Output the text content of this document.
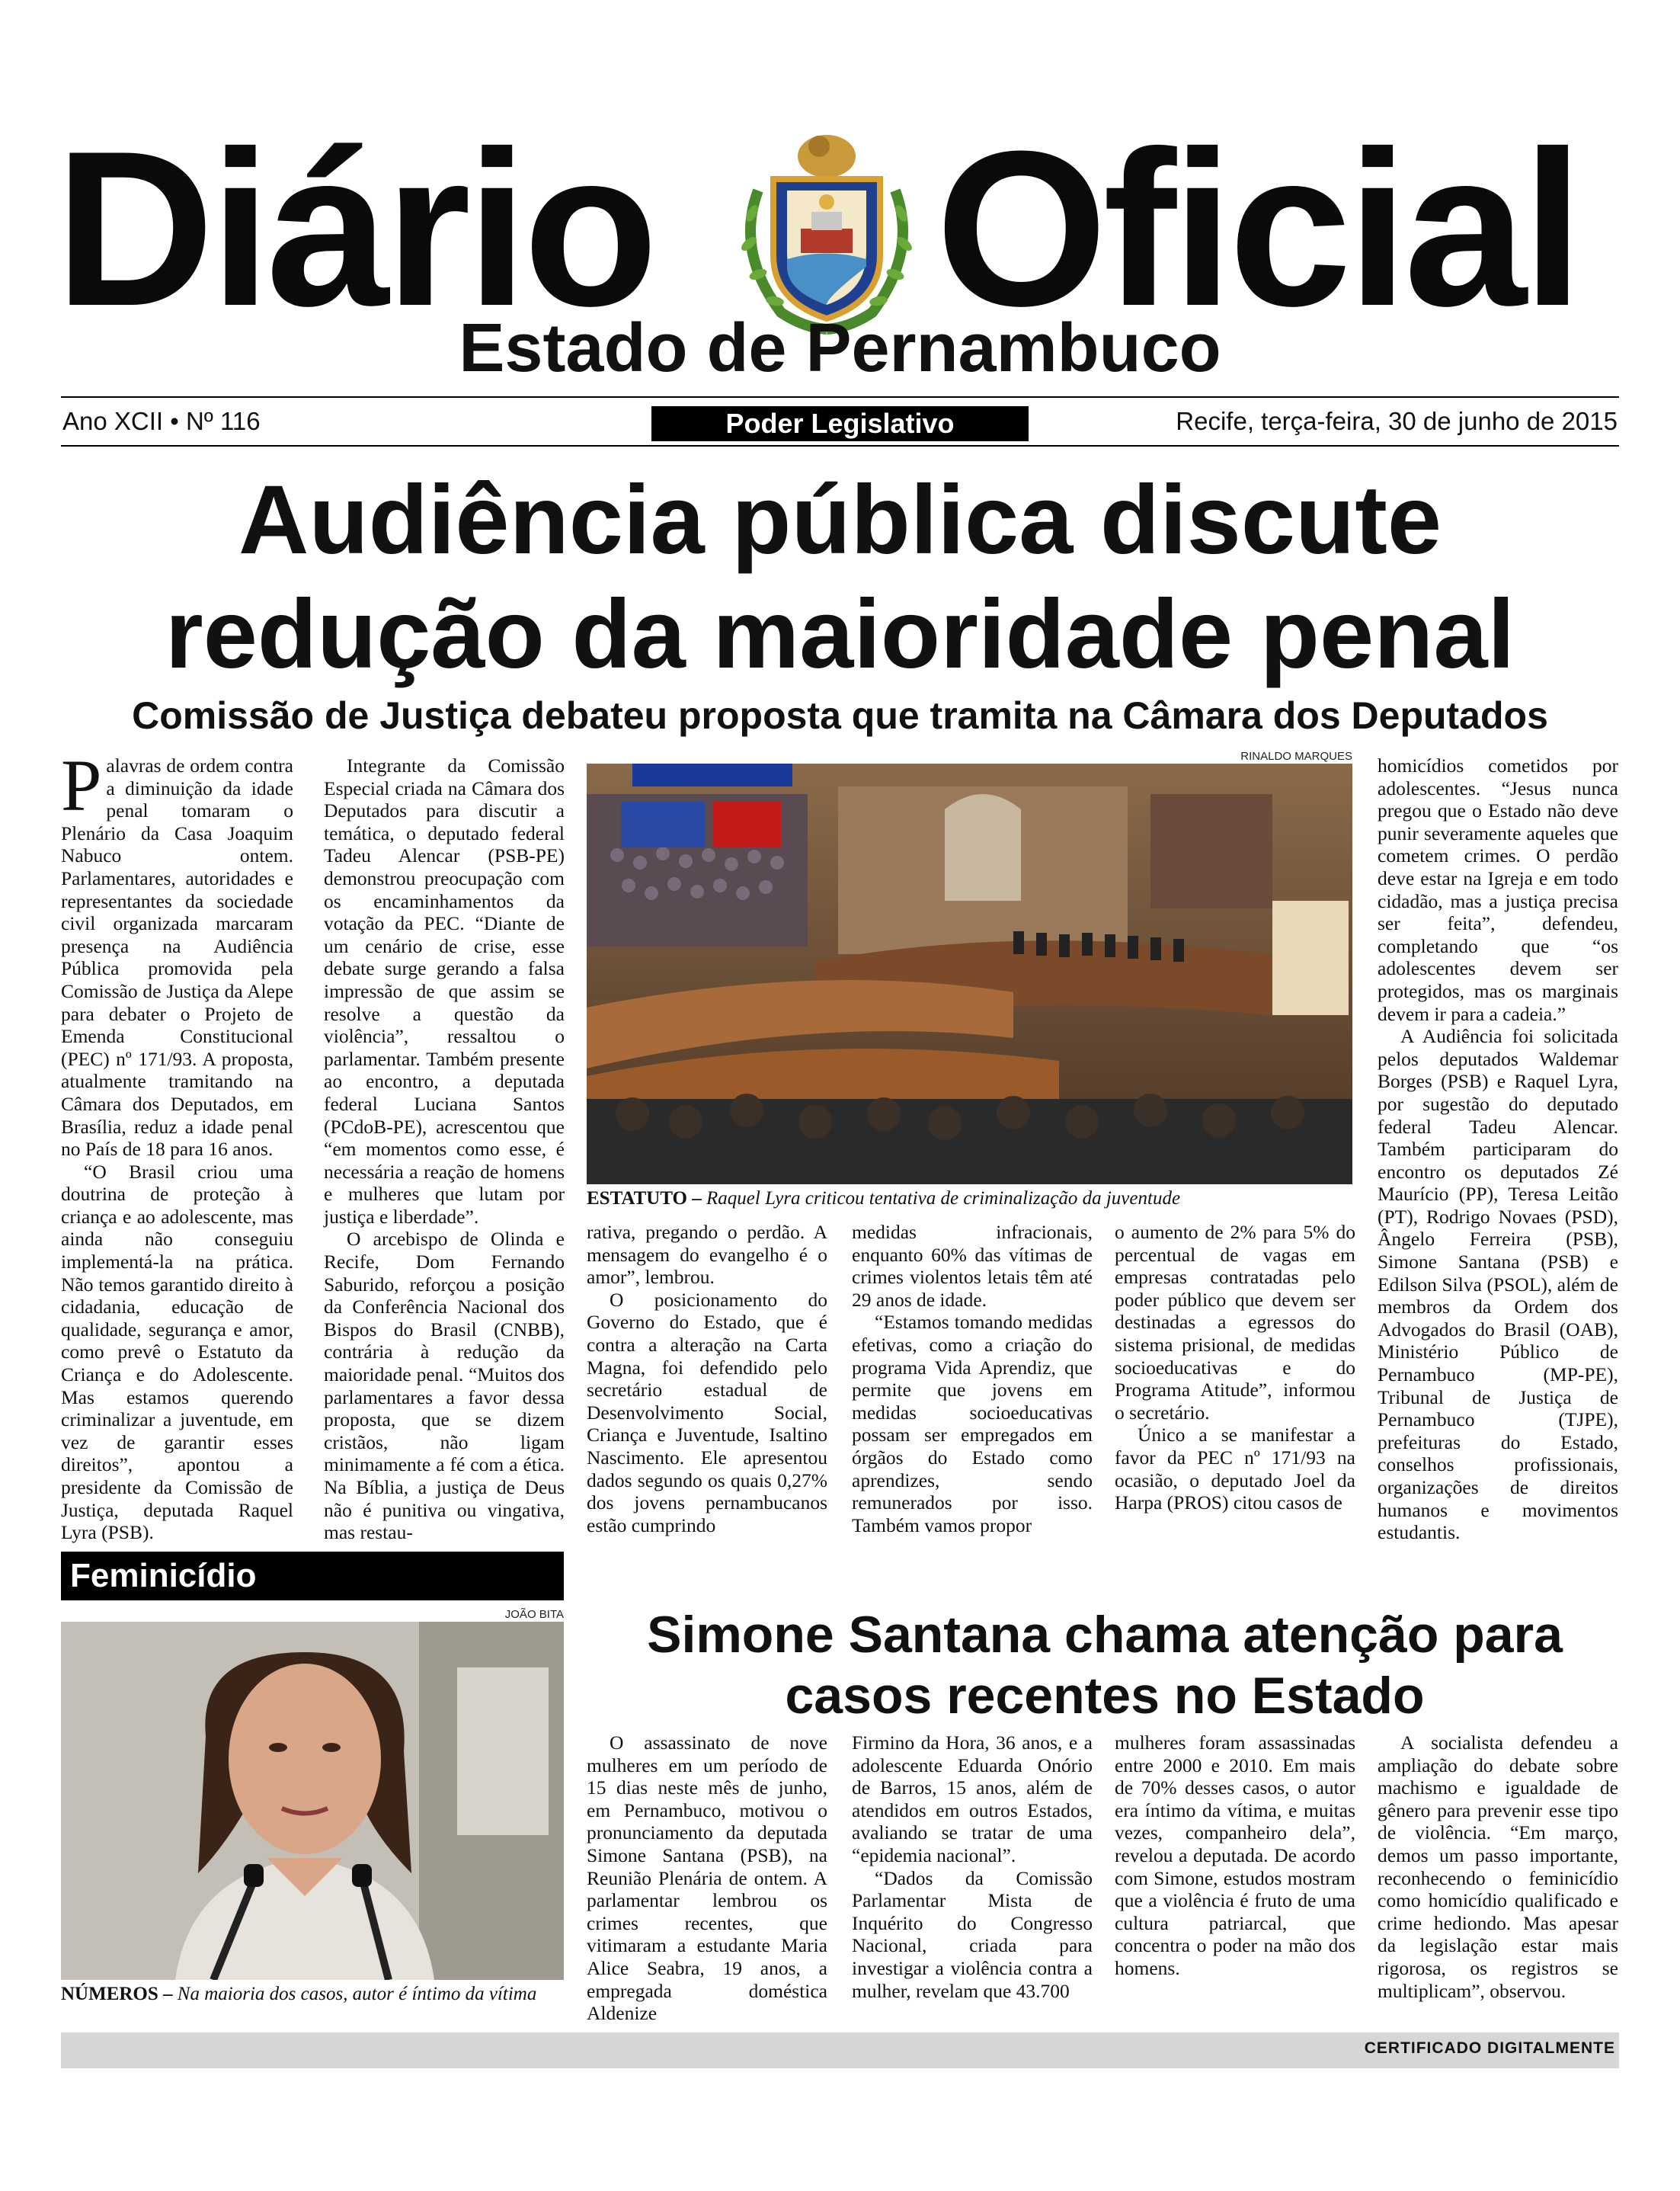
Diário Oficial
Estado de Pernambuco
Ano XCII • Nº 116	Poder Legislativo	Recife, terça-feira, 30 de junho de 2015
Audiência pública discute redução da maioridade penal
Comissão de Justiça debateu proposta que tramita na Câmara dos Deputados

Palavras de ordem contra a diminuição da idade penal tomaram o Plenário da Casa Joaquim Nabuco ontem. Parlamentares, autoridades e representantes da sociedade civil organizada marcaram presença na Audiência Pública promovida pela Comissão de Justiça da Alepe para debater o Projeto de Emenda Constitucional (PEC) nº 171/93. A proposta, atualmente tramitando na Câmara dos Deputados, em Brasília, reduz a idade penal no País de 18 para 16 anos.

“O Brasil criou uma doutrina de proteção à criança e ao adolescente, mas ainda não conseguiu implementá-la na prática. Não temos garantido direito à cidadania, educação de qualidade, segurança e amor, como prevê o Estatuto da Criança e do Adolescente. Mas estamos querendo criminalizar a juventude, em vez de garantir esses direitos”, apontou a presidente da Comissão de Justiça, deputada Raquel Lyra (PSB).

Integrante da Comissão Especial criada na Câmara dos Deputados para discutir a temática, o deputado federal Tadeu Alencar (PSB-PE) demonstrou preocupação com os encaminhamentos da votação da PEC. “Diante de um cenário de crise, esse debate surge gerando a falsa impressão de que assim se resolve a questão da violência”, ressaltou o parlamentar. Também presente ao encontro, a deputada federal Luciana Santos (PCdoB-PE), acrescentou que “em momentos como esse, é necessária a reação de homens e mulheres que lutam por justiça e liberdade”.

O arcebispo de Olinda e Recife, Dom Fernando Saburido, reforçou a posição da Conferência Nacional dos Bispos do Brasil (CNBB), contrária à redução da maioridade penal. “Muitos dos parlamentares a favor dessa proposta, que se dizem cristãos, não ligam minimamente a fé com a ética. Na Bíblia, a justiça de Deus não é punitiva ou vingativa, mas restau-

RINALDO MARQUES
ESTATUTO – Raquel Lyra criticou tentativa de criminalização da juventude

rativa, pregando o perdão. A mensagem do evangelho é o amor”, lembrou.

O posicionamento do Governo do Estado, que é contra a alteração na Carta Magna, foi defendido pelo secretário estadual de Desenvolvimento Social, Criança e Juventude, Isaltino Nascimento. Ele apresentou dados segundo os quais 0,27% dos jovens pernambucanos estão cumprindo

medidas infracionais, enquanto 60% das vítimas de crimes violentos letais têm até 29 anos de idade.

“Estamos tomando medidas efetivas, como a criação do programa Vida Aprendiz, que permite que jovens em medidas socioeducativas possam ser empregados em órgãos do Estado como aprendizes, sendo remunerados por isso. Também vamos propor

o aumento de 2% para 5% do percentual de vagas em empresas contratadas pelo poder público que devem ser destinadas a egressos do sistema prisional, de medidas socioeducativas e do Programa Atitude”, informou o secretário.

Único a se manifestar a favor da PEC nº 171/93 na ocasião, o deputado Joel da Harpa (PROS) citou casos de

homicídios cometidos por adolescentes. “Jesus nunca pregou que o Estado não deve punir severamente aqueles que cometem crimes. O perdão deve estar na Igreja e em todo cidadão, mas a justiça precisa ser feita”, defendeu, completando que “os adolescentes devem ser protegidos, mas os marginais devem ir para a cadeia.”

A Audiência foi solicitada pelos deputados Waldemar Borges (PSB) e Raquel Lyra, por sugestão do deputado federal Tadeu Alencar. Também participaram do encontro os deputados Zé Maurício (PP), Teresa Leitão (PT), Rodrigo Novaes (PSD), Ângelo Ferreira (PSB), Simone Santana (PSB) e Edilson Silva (PSOL), além de membros da Ordem dos Advogados do Brasil (OAB), Ministério Público de Pernambuco (MP-PE), Tribunal de Justiça de Pernambuco (TJPE), prefeituras do Estado, conselhos profissionais, organizações de direitos humanos e movimentos estudantis.

Feminicídio
JOÃO BITA
NÚMEROS – Na maioria dos casos, autor é íntimo da vítima
Simone Santana chama atenção para casos recentes no Estado

O assassinato de nove mulheres em um período de 15 dias neste mês de junho, em Pernambuco, motivou o pronunciamento da deputada Simone Santana (PSB), na Reunião Plenária de ontem. A parlamentar lembrou os crimes recentes, que vitimaram a estudante Maria Alice Seabra, 19 anos, a empregada doméstica Aldenize

Firmino da Hora, 36 anos, e a adolescente Eduarda Onório de Barros, 15 anos, além de atendidos em outros Estados, avaliando se tratar de uma “epidemia nacional”.

“Dados da Comissão Parlamentar Mista de Inquérito do Congresso Nacional, criada para investigar a violência contra a mulher, revelam que 43.700

mulheres foram assassinadas entre 2000 e 2010. Em mais de 70% desses casos, o autor era íntimo da vítima, e muitas vezes, companheiro dela”, revelou a deputada. De acordo com Simone, estudos mostram que a violência é fruto de uma cultura patriarcal, que concentra o poder na mão dos homens.

A socialista defendeu a ampliação do debate sobre machismo e igualdade de gênero para prevenir esse tipo de violência. “Em março, demos um passo importante, reconhecendo o feminicídio como homicídio qualificado e crime hediondo. Mas apesar da legislação estar mais rigorosa, os registros se multiplicam”, observou.

CERTIFICADO DIGITALMENTE
